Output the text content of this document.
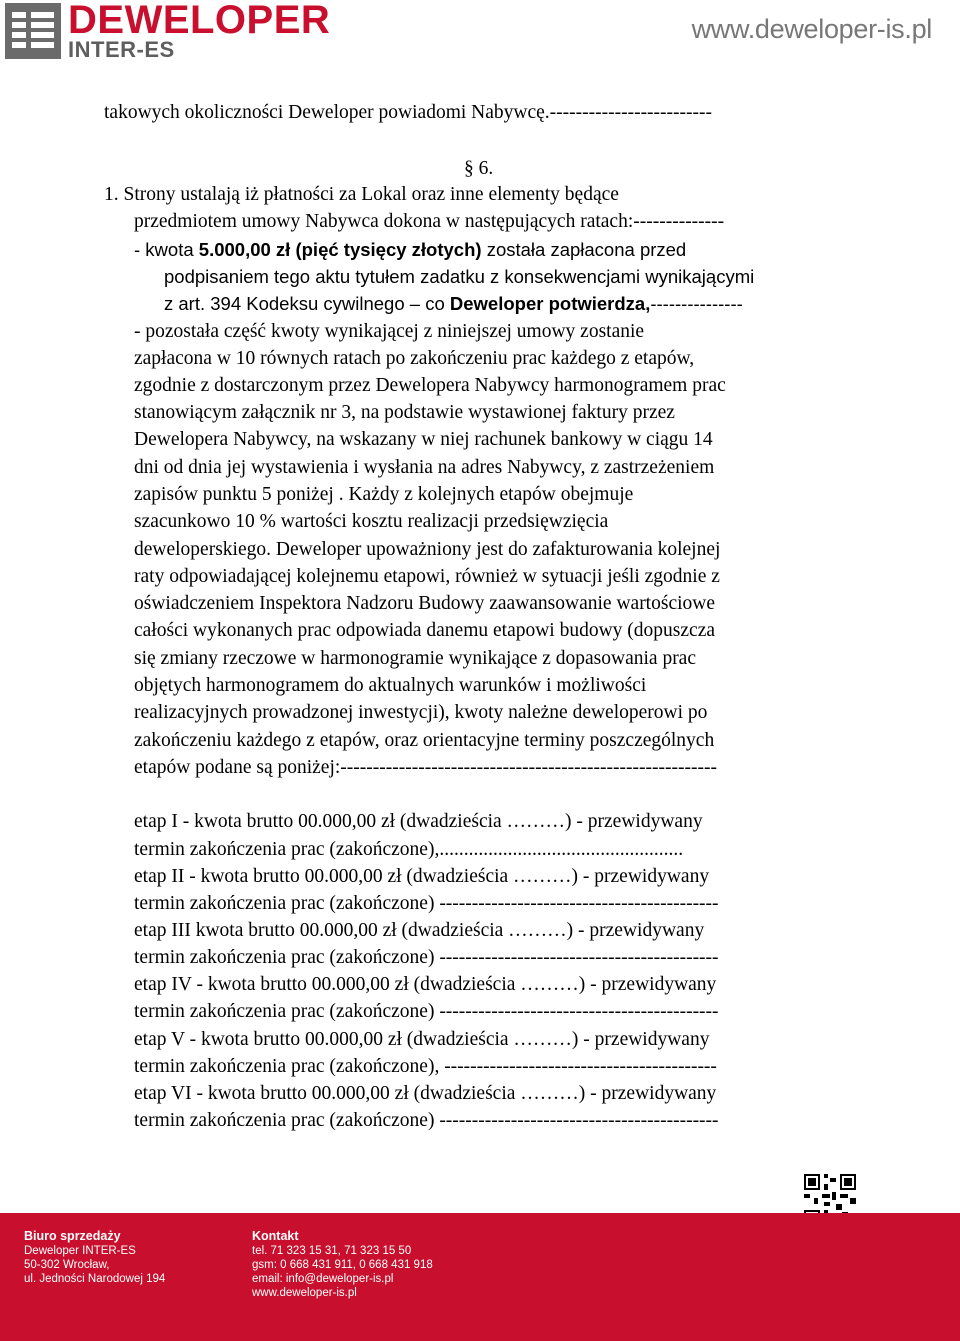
DEWELOPER
INTER-ES
www.deweloper-is.pl
takowych okoliczności Deweloper powiadomi Nabywcę.-------------------------
§ 6.
1. Strony ustalają iż płatności za Lokal oraz inne elementy będące
przedmiotem umowy Nabywca dokona w następujących ratach:--------------
- kwota 5.000,00 zł (pięć tysięcy złotych) została zapłacona przed
podpisaniem tego aktu tytułem zadatku z konsekwencjami wynikającymi
z art. 394 Kodeksu cywilnego – co Deweloper potwierdza,---------------
- pozostała część kwoty wynikającej z niniejszej umowy zostanie
zapłacona w 10 równych ratach po zakończeniu prac każdego z etapów,
zgodnie z dostarczonym przez Dewelopera Nabywcy harmonogramem prac
stanowiącym załącznik nr 3, na podstawie wystawionej faktury przez
Dewelopera Nabywcy, na wskazany w niej rachunek bankowy w ciągu 14
dni od dnia jej wystawienia i wysłania na adres Nabywcy, z zastrzeżeniem
zapisów punktu 5 poniżej . Każdy z kolejnych etapów obejmuje
szacunkowo 10 % wartości kosztu realizacji przedsięwzięcia
deweloperskiego. Deweloper upoważniony jest do zafakturowania kolejnej
raty odpowiadającej kolejnemu etapowi, również w sytuacji jeśli zgodnie z
oświadczeniem Inspektora Nadzoru Budowy zaawansowanie wartościowe
całości wykonanych prac odpowiada danemu etapowi budowy (dopuszcza
się zmiany rzeczowe w harmonogramie wynikające z dopasowania prac
objętych harmonogramem do aktualnych warunków i możliwości
realizacyjnych prowadzonej inwestycji), kwoty należne deweloperowi po
zakończeniu każdego z etapów, oraz orientacyjne terminy poszczególnych
etapów podane są poniżej:----------------------------------------------------------
etap I - kwota brutto 00.000,00 zł (dwadzieścia ………) - przewidywany
termin zakończenia prac (zakończone),..................................................
etap II - kwota brutto 00.000,00 zł (dwadzieścia ………) - przewidywany
termin zakończenia prac (zakończone) -------------------------------------------
etap III kwota brutto 00.000,00 zł (dwadzieścia ………) - przewidywany
termin zakończenia prac (zakończone) -------------------------------------------
etap IV - kwota brutto 00.000,00 zł (dwadzieścia ………) - przewidywany
termin zakończenia prac (zakończone) -------------------------------------------
etap V - kwota brutto 00.000,00 zł (dwadzieścia ………) - przewidywany
termin zakończenia prac (zakończone), ------------------------------------------
etap VI - kwota brutto 00.000,00 zł (dwadzieścia ………) - przewidywany
termin zakończenia prac (zakończone) -------------------------------------------
Biuro sprzedaży
Deweloper INTER-ES
50-302 Wrocław,
ul. Jedności Narodowej 194
Kontakt
tel. 71 323 15 31, 71 323 15 50
gsm: 0 668 431 911, 0 668 431 918
email: info@deweloper-is.pl
www.deweloper-is.pl
